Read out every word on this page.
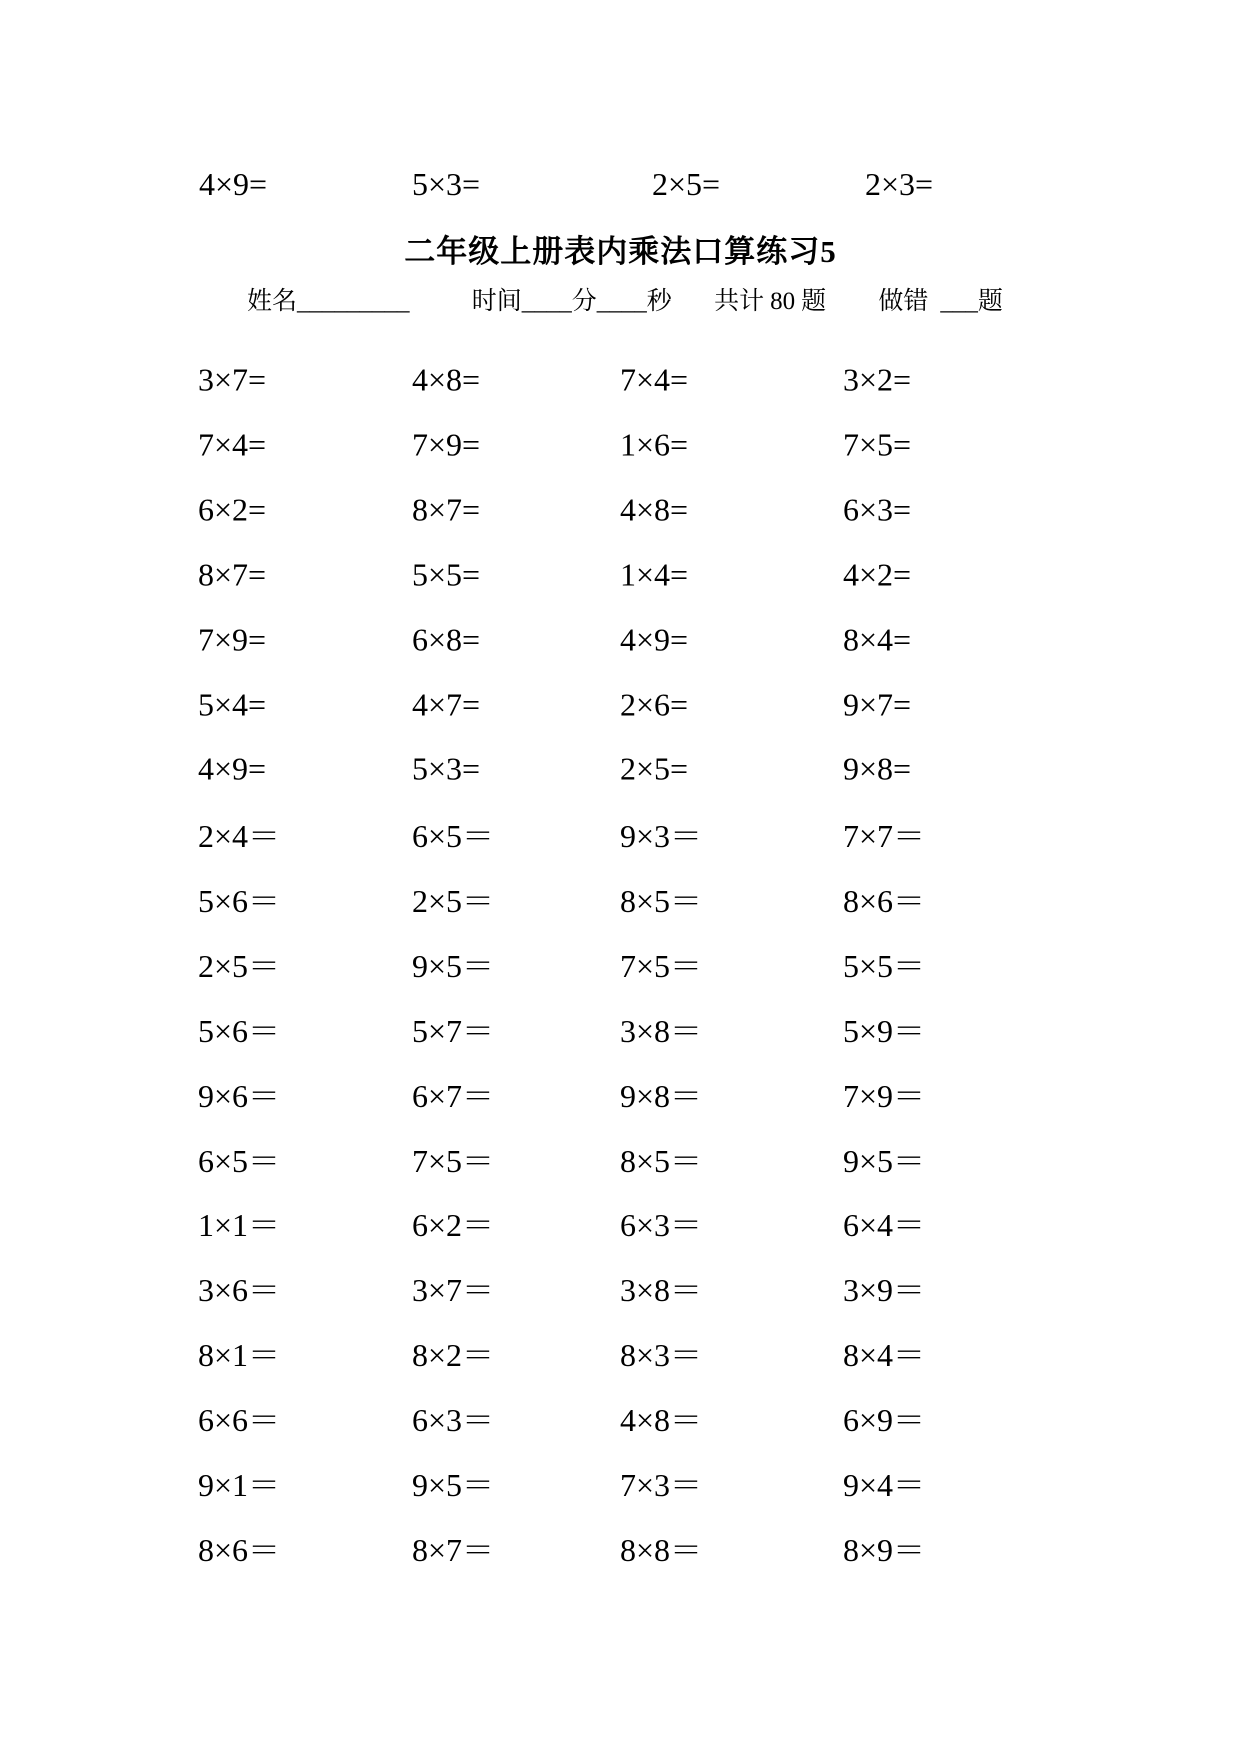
4×9=	5×3=	2×5=	2×3=
二年级上册表内乘法口算练习5
姓名_________ 时间____分____秒 共计 80 题 做错 ___题
3×7=	4×8=	7×4=	3×2=
7×4=	7×9=	1×6=	7×5=
6×2=	8×7=	4×8=	6×3=
8×7=	5×5=	1×4=	4×2=
7×9=	6×8=	4×9=	8×4=
5×4=	4×7=	2×6=	9×7=
4×9=	5×3=	2×5=	9×8=
2×4＝	6×5＝	9×3＝	7×7＝
5×6＝	2×5＝	8×5＝	8×6＝
2×5＝	9×5＝	7×5＝	5×5＝
5×6＝	5×7＝	3×8＝	5×9＝
9×6＝	6×7＝	9×8＝	7×9＝
6×5＝	7×5＝	8×5＝	9×5＝
1×1＝	6×2＝	6×3＝	6×4＝
3×6＝	3×7＝	3×8＝	3×9＝
8×1＝	8×2＝	8×3＝	8×4＝
6×6＝	6×3＝	4×8＝	6×9＝
9×1＝	9×5＝	7×3＝	9×4＝
8×6＝	8×7＝	8×8＝	8×9＝
